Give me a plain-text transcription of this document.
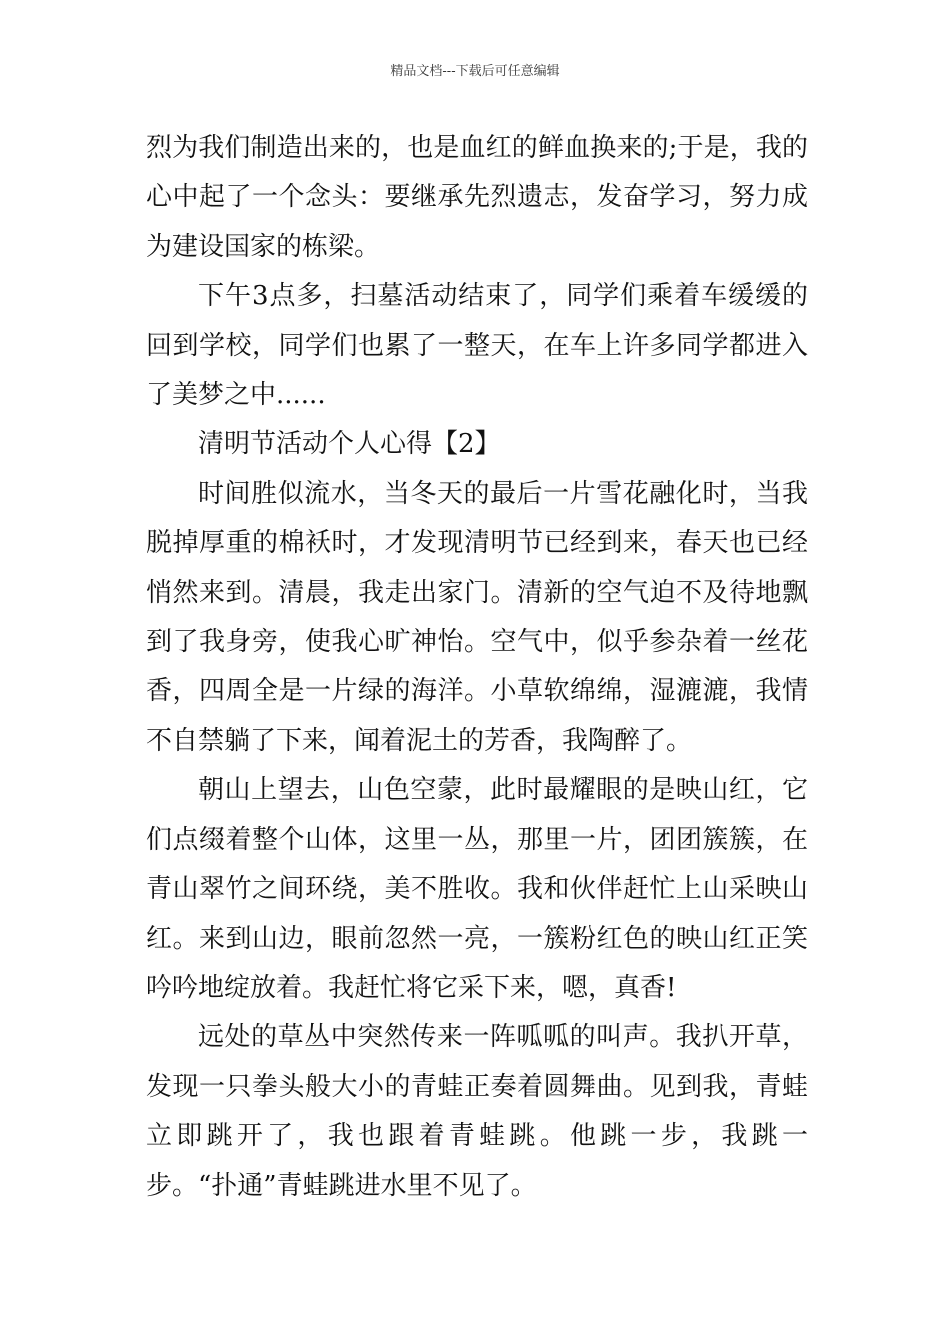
精品文档---下载后可任意编辑

烈为我们制造出来的，也是血红的鲜血换来的;于是，我的心中起了一个念头：要继承先烈遗志，发奋学习，努力成为建设国家的栋梁。

下午3点多，扫墓活动结束了，同学们乘着车缓缓的回到学校，同学们也累了一整天，在车上许多同学都进入了美梦之中......

清明节活动个人心得【2】

时间胜似流水，当冬天的最后一片雪花融化时，当我脱掉厚重的棉袄时，才发现清明节已经到来，春天也已经悄然来到。清晨，我走出家门。清新的空气迫不及待地飘到了我身旁，使我心旷神怡。空气中，似乎参杂着一丝花香，四周全是一片绿的海洋。小草软绵绵，湿漉漉，我情不自禁躺了下来，闻着泥土的芳香，我陶醉了。

朝山上望去，山色空蒙，此时最耀眼的是映山红，它们点缀着整个山体，这里一丛，那里一片，团团簇簇，在青山翠竹之间环绕，美不胜收。我和伙伴赶忙上山采映山红。来到山边，眼前忽然一亮，一簇粉红色的映山红正笑吟吟地绽放着。我赶忙将它采下来，嗯，真香!

远处的草丛中突然传来一阵呱呱的叫声。我扒开草，发现一只拳头般大小的青蛙正奏着圆舞曲。见到我，青蛙立即跳开了，我也跟着青蛙跳。他跳一步，我跳一步。“扑通”青蛙跳进水里不见了。
